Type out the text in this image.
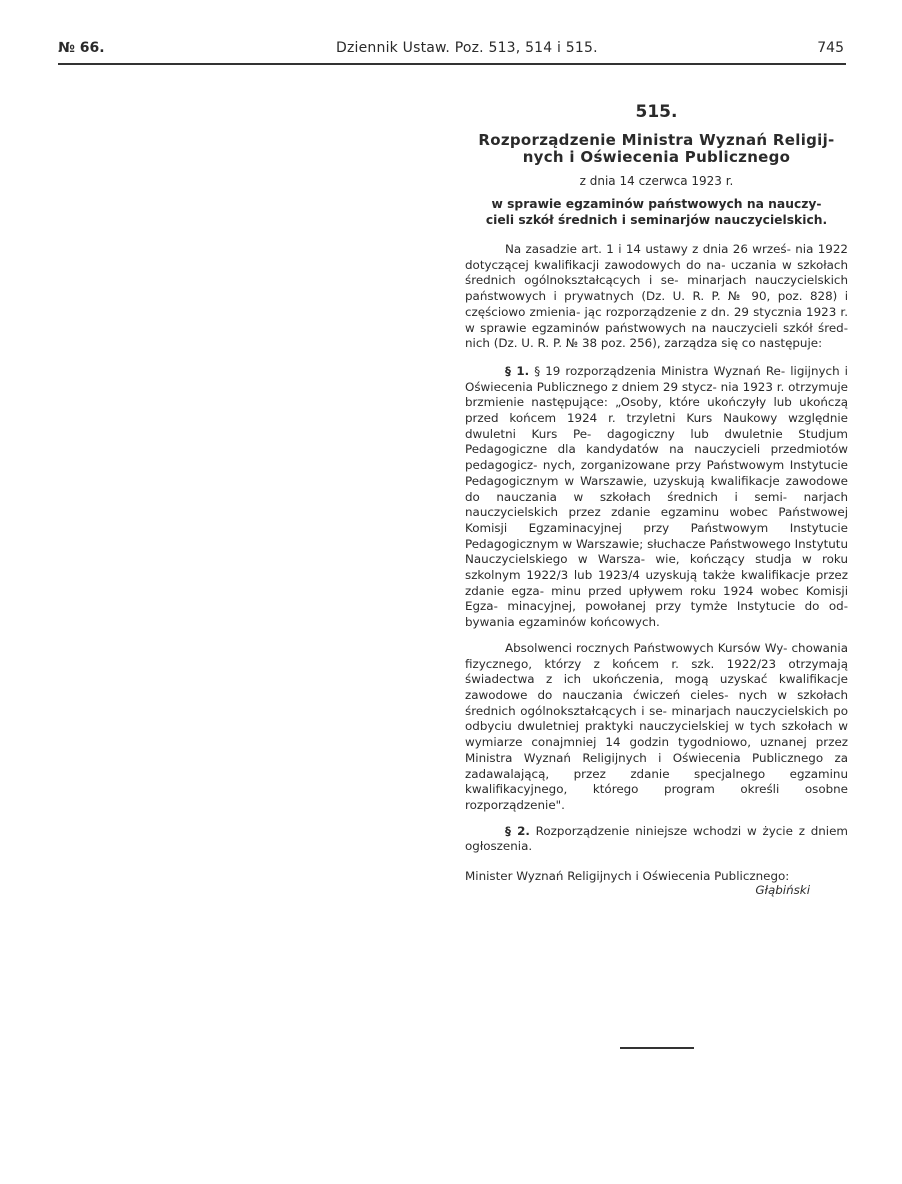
№ 66.	Dziennik Ustaw. Poz. 513, 514 i 515.	745
515.
Rozporządzenie Ministra Wyznań Religij-
nych i Oświecenia Publicznego
z dnia 14 czerwca 1923 r.
w sprawie egzaminów państwowych na nauczy-
cieli szkół średnich i seminarjów nauczycielskich.

Na zasadzie art. 1 i 14 ustawy z dnia 26 wrześ- nia 1922 dotyczącej kwalifikacji zawodowych do na- uczania w szkołach średnich ogólnokształcących i se- minarjach nauczycielskich państwowych i prywatnych (Dz. U. R. P. № 90, poz. 828) i częściowo zmienia- jąc rozporządzenie z dn. 29 stycznia 1923 r. w sprawie egzaminów państwowych na nauczycieli szkół śred- nich (Dz. U. R. P. № 38 poz. 256), zarządza się co następuje:

§ 1. § 19 rozporządzenia Ministra Wyznań Re- ligijnych i Oświecenia Publicznego z dniem 29 stycz- nia 1923 r. otrzymuje brzmienie następujące: „Osoby, które ukończyły lub ukończą przed końcem 1924 r. trzyletni Kurs Naukowy względnie dwuletni Kurs Pe- dagogiczny lub dwuletnie Studjum Pedagogiczne dla kandydatów na nauczycieli przedmiotów pedagogicz- nych, zorganizowane przy Państwowym Instytucie Pedagogicznym w Warszawie, uzyskują kwalifikacje zawodowe do nauczania w szkołach średnich i semi- narjach nauczycielskich przez zdanie egzaminu wobec Państwowej Komisji Egzaminacyjnej przy Państwowym Instytucie Pedagogicznym w Warszawie; słuchacze Państwowego Instytutu Nauczycielskiego w Warsza- wie, kończący studja w roku szkolnym 1922/3 lub 1923/4 uzyskują także kwalifikacje przez zdanie egza- minu przed upływem roku 1924 wobec Komisji Egza- minacyjnej, powołanej przy tymże Instytucie do od- bywania egzaminów końcowych.

Absolwenci rocznych Państwowych Kursów Wy- chowania fizycznego, którzy z końcem r. szk. 1922/23 otrzymają świadectwa z ich ukończenia, mogą uzyskać kwalifikacje zawodowe do nauczania ćwiczeń cieles- nych w szkołach średnich ogólnokształcących i se- minarjach nauczycielskich po odbyciu dwuletniej praktyki nauczycielskiej w tych szkołach w wymiarze conajmniej 14 godzin tygodniowo, uznanej przez Ministra Wyznań Religijnych i Oświecenia Publicznego za zadawalającą, przez zdanie specjalnego egzaminu kwalifikacyjnego, którego program określi osobne rozporządzenie".

§ 2. Rozporządzenie niniejsze wchodzi w życie z dniem ogłoszenia.

Minister Wyznań Religijnych i Oświecenia Publicznego:
Głąbiński
